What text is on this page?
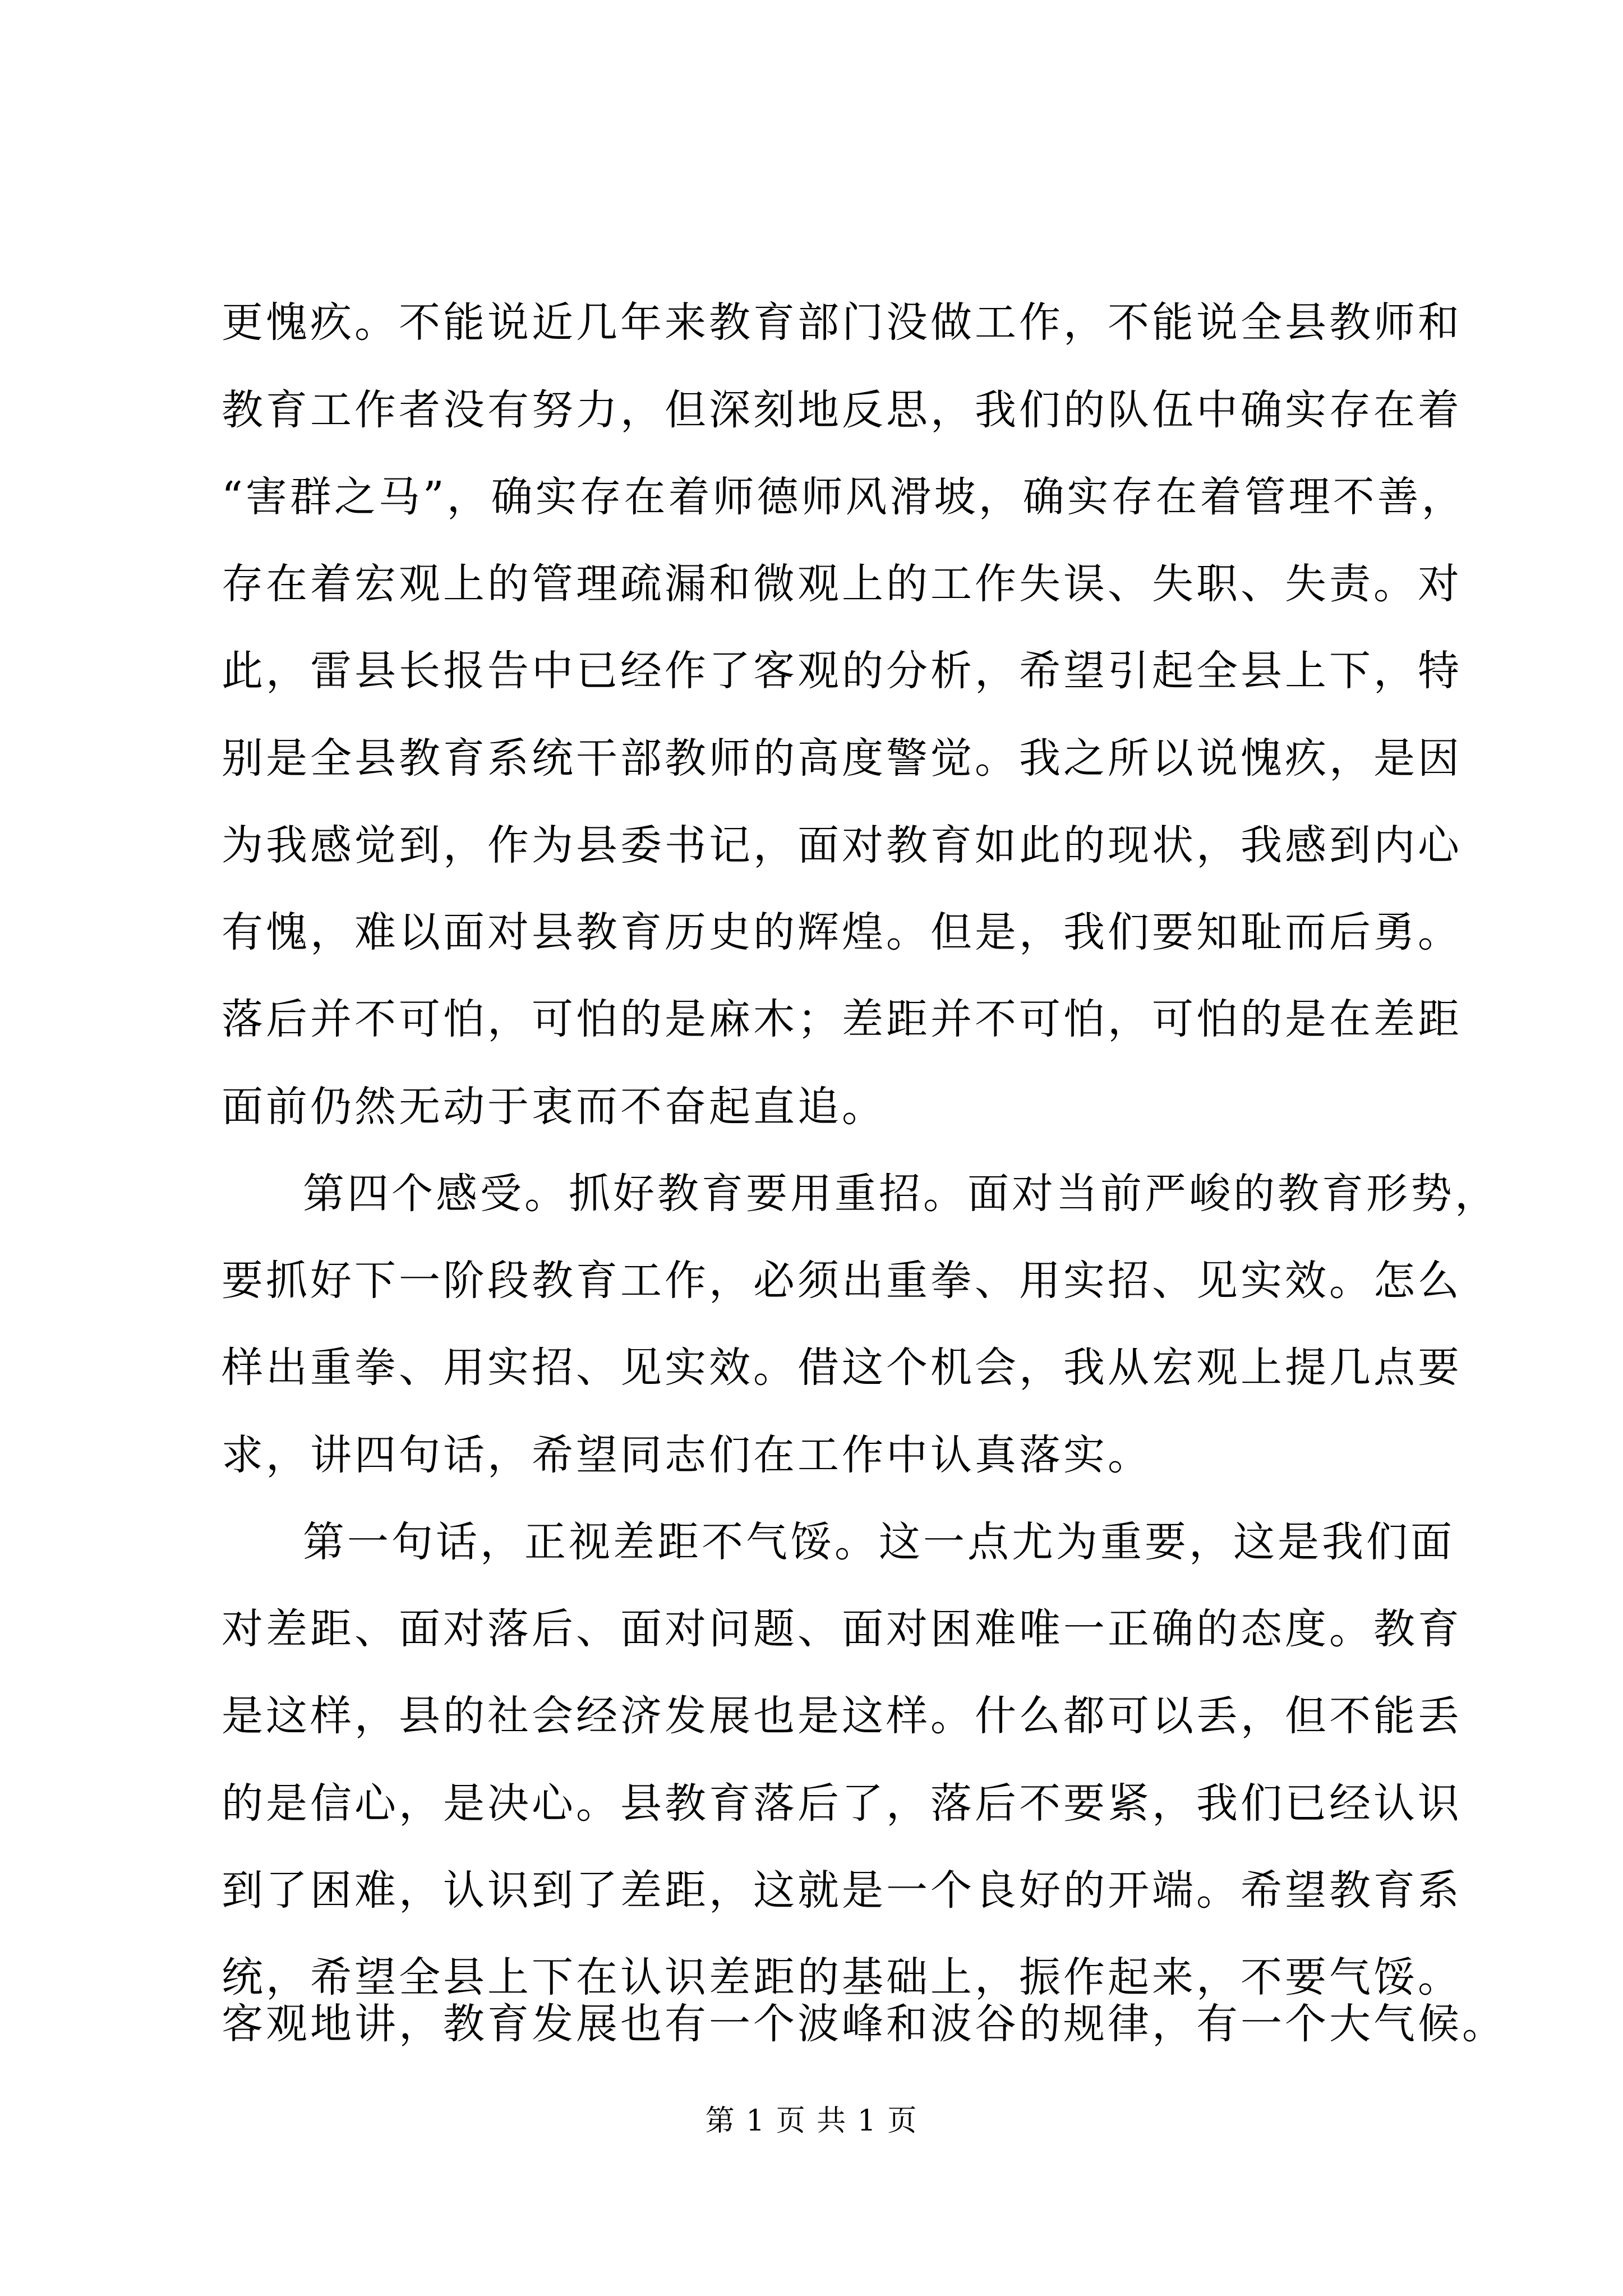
更愧疚。不能说近几年来教育部门没做工作，不能说全县教师和
教育工作者没有努力，但深刻地反思，我们的队伍中确实存在着
“害群之马”，确实存在着师德师风滑坡，确实存在着管理不善，
存在着宏观上的管理疏漏和微观上的工作失误、失职、失责。对
此，雷县长报告中已经作了客观的分析，希望引起全县上下，特
别是全县教育系统干部教师的高度警觉。我之所以说愧疚，是因
为我感觉到，作为县委书记，面对教育如此的现状，我感到内心
有愧，难以面对县教育历史的辉煌。但是，我们要知耻而后勇。
落后并不可怕，可怕的是麻木；差距并不可怕，可怕的是在差距
面前仍然无动于衷而不奋起直追。
第四个感受。抓好教育要用重招。面对当前严峻的教育形势，
要抓好下一阶段教育工作，必须出重拳、用实招、见实效。怎么
样出重拳、用实招、见实效。借这个机会，我从宏观上提几点要
求，讲四句话，希望同志们在工作中认真落实。
第一句话，正视差距不气馁。这一点尤为重要，这是我们面
对差距、面对落后、面对问题、面对困难唯一正确的态度。教育
是这样，县的社会经济发展也是这样。什么都可以丢，但不能丢
的是信心，是决心。县教育落后了，落后不要紧，我们已经认识
到了困难，认识到了差距，这就是一个良好的开端。希望教育系
统，希望全县上下在认识差距的基础上，振作起来，不要气馁。
客观地讲，教育发展也有一个波峰和波谷的规律，有一个大气候。
第 1 页 共 1 页
